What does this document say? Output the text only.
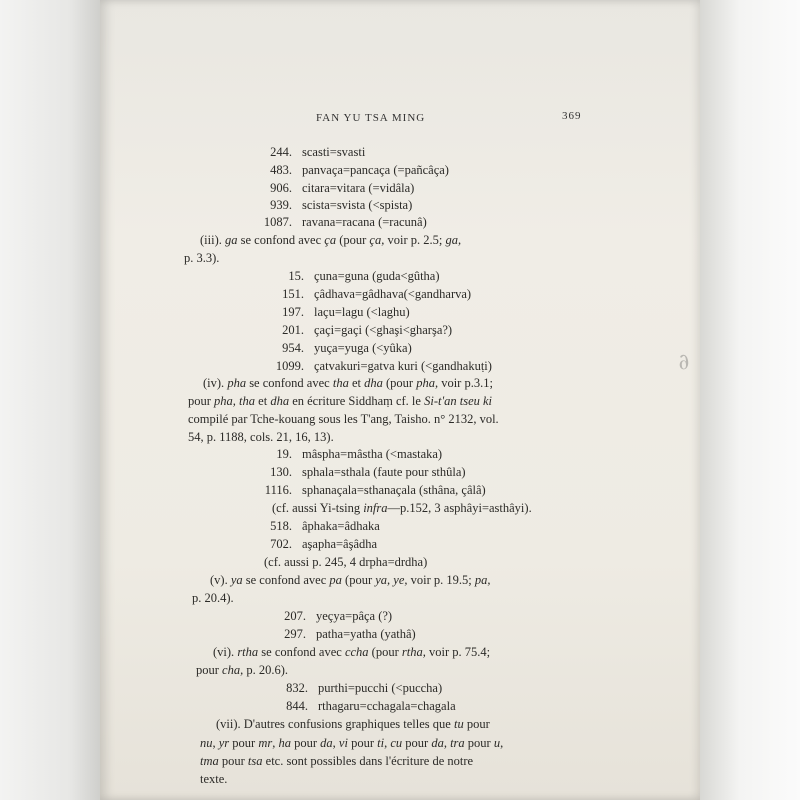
∂
FAN YU TSA MING	369
244. scasti=svasti
483. panvaça=pancaça (=pañcâça)
906. citara=vitara (=vidâla)
939. scista=svista (<spista)
1087. ravana=racana (=racunâ)
(iii). ga se confond avec ça (pour ça, voir p. 2.5; ga,
p. 3.3).
15. çuna=guna (guda<gûtha)
151. çâdhava=gâdhava(<gandharva)
197. laçu=lagu (<laghu)
201. çaçi=gaçi (<ghaşi<gharşa?)
954. yuça=yuga (<yûka)
1099. çatvakuri=gatva kuri (<gandhakuṭi)
(iv). pha se confond avec tha et dha (pour pha, voir p.3.1;
pour pha, tha et dha en écriture Siddhaṃ cf. le Si-t'an tseu ki
compilé par Tche-kouang sous les T'ang, Taisho. n° 2132, vol.
54, p. 1188, cols. 21, 16, 13).
19. mâspha=mâstha (<mastaka)
130. sphala=sthala (faute pour sthûla)
1116. sphanaçala=sthanaçala (sthâna, çâlâ)
(cf. aussi Yi-tsing infra—p.152, 3 asphâyi=asthâyi).
518. âphaka=âdhaka
702. aşapha=âşâdha
(cf. aussi p. 245, 4 drpha=drdha)
(v). ya se confond avec pa (pour ya, ye, voir p. 19.5; pa,
p. 20.4).
207. yeçya=pâça (?)
297. patha=yatha (yathâ)
(vi). rtha se confond avec ccha (pour rtha, voir p. 75.4;
pour cha, p. 20.6).
832. purthi=pucchi (<puccha)
844. rthagaru=cchagala=chagala
(vii). D'autres confusions graphiques telles que tu pour
nu, yr pour mr, ha pour da, vi pour ti, cu pour da, tra pour u,
tma pour tsa etc. sont possibles dans l'écriture de notre
texte.
